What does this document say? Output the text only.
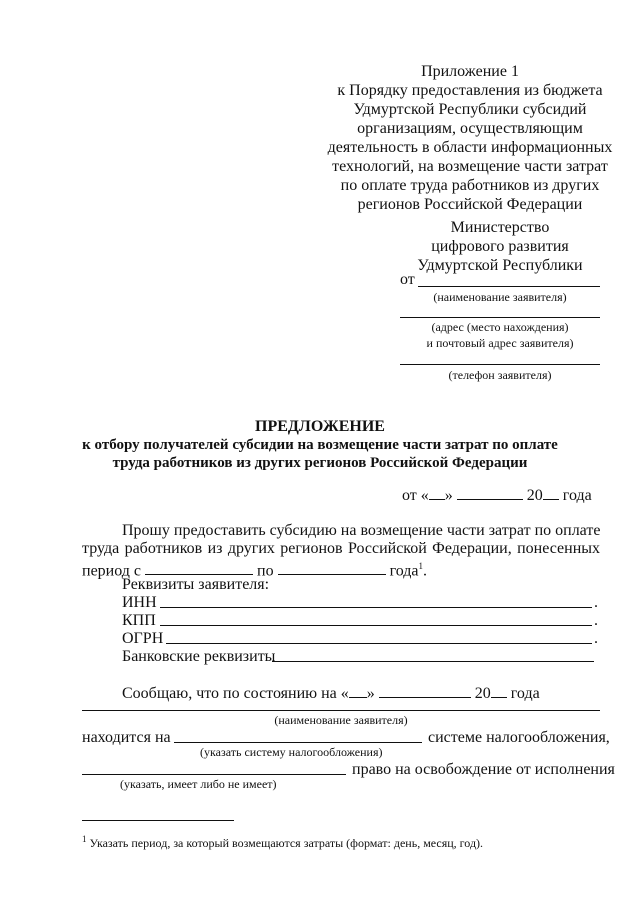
Приложение 1
к Порядку предоставления из бюджета
Удмуртской Республики субсидий
организациям, осуществляющим
деятельность в области информационных
технологий, на возмещение части затрат
по оплате труда работников из других
регионов Российской Федерации
Министерство
цифрового развития
Удмуртской Республики
от
(наименование заявителя)
(адрес (место нахождения)
и почтовый адрес заявителя)
(телефон заявителя)
ПРЕДЛОЖЕНИЕ
к отбору получателей субсидии на возмещение части затрат по оплате
труда работников из других регионов Российской Федерации
от « »	20 года
Прошу предоставить субсидию на возмещение части затрат по оплате
труда работников из других регионов Российской Федерации, понесенных
период с	по	года$^1$.
Реквизиты заявителя:
ИНН	.
КПП	.
ОГРН	.
Банковские реквизиты
Сообщаю, что по состоянию на « »	20 года
(наименование заявителя)
находится на	системе налогообложения,
(указать систему налогообложения)
право на освобождение от исполнения
(указать, имеет либо не имеет)
$^1$ Указать период, за который возмещаются затраты (формат: день, месяц, год).
